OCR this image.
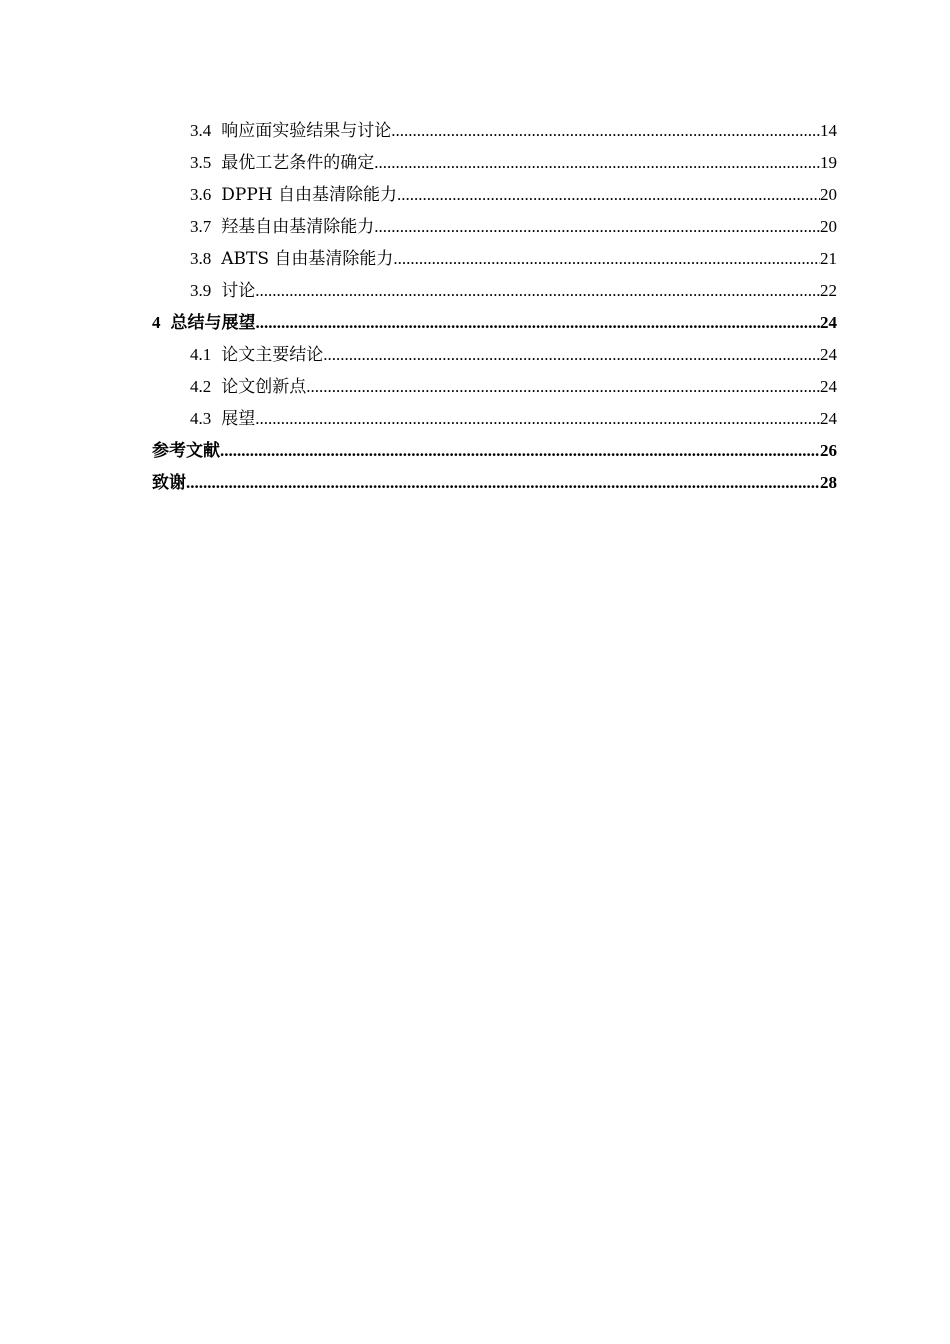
3.4 响应面实验结果与讨论 .....	14
3.5 最优工艺条件的确定 .....	19
3.6 DPPH 自由基清除能力 .....	20
3.7 羟基自由基清除能力 .....	20
3.8 ABTS 自由基清除能力 .....	21
3.9 讨论 .....	22
4 总结与展望 .....	24
4.1 论文主要结论 .....	24
4.2 论文创新点 .....	24
4.3 展望 .....	24
参考文献 .....	26
致谢 .....	28
